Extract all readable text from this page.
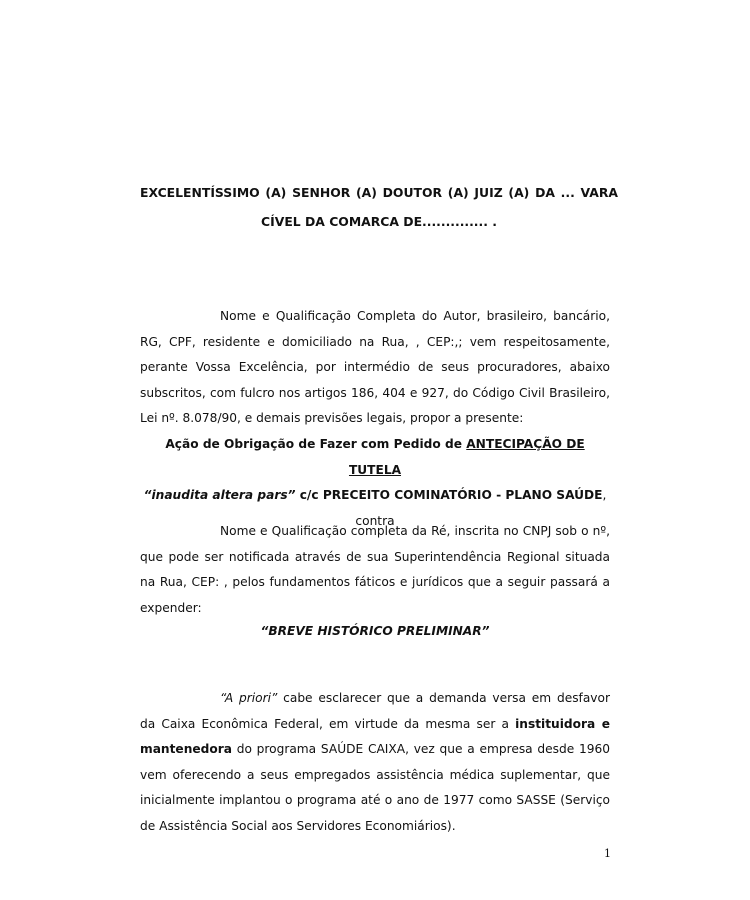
EXCELENTÍSSIMO (A) SENHOR (A) DOUTOR (A) JUIZ (A) DA ... VARA CÍVEL DA COMARCA DE.............. .
Nome e Qualificação Completa do Autor, brasileiro, bancário, RG, CPF, residente e domiciliado na Rua, , CEP:,; vem respeitosamente, perante Vossa Excelência, por intermédio de seus procuradores, abaixo subscritos, com fulcro nos artigos 186, 404 e 927, do Código Civil Brasileiro, Lei nº. 8.078/90, e demais previsões legais, propor a presente:
Ação de Obrigação de Fazer com Pedido de ANTECIPAÇÃO DE TUTELA
“inaudita altera pars” c/c PRECEITO COMINATÓRIO - PLANO SAÚDE, contra
Nome e Qualificação completa da Ré, inscrita no CNPJ sob o nº, que pode ser notificada através de sua Superintendência Regional situada na Rua, CEP: , pelos fundamentos fáticos e jurídicos que a seguir passará a expender:
“BREVE HISTÓRICO PRELIMINAR”
“A priori” cabe esclarecer que a demanda versa em desfavor da Caixa Econômica Federal, em virtude da mesma ser a instituidora e mantenedora do programa SAÚDE CAIXA, vez que a empresa desde 1960 vem oferecendo a seus empregados assistência médica suplementar, que inicialmente implantou o programa até o ano de 1977 como SASSE (Serviço de Assistência Social aos Servidores Economiários).
1
